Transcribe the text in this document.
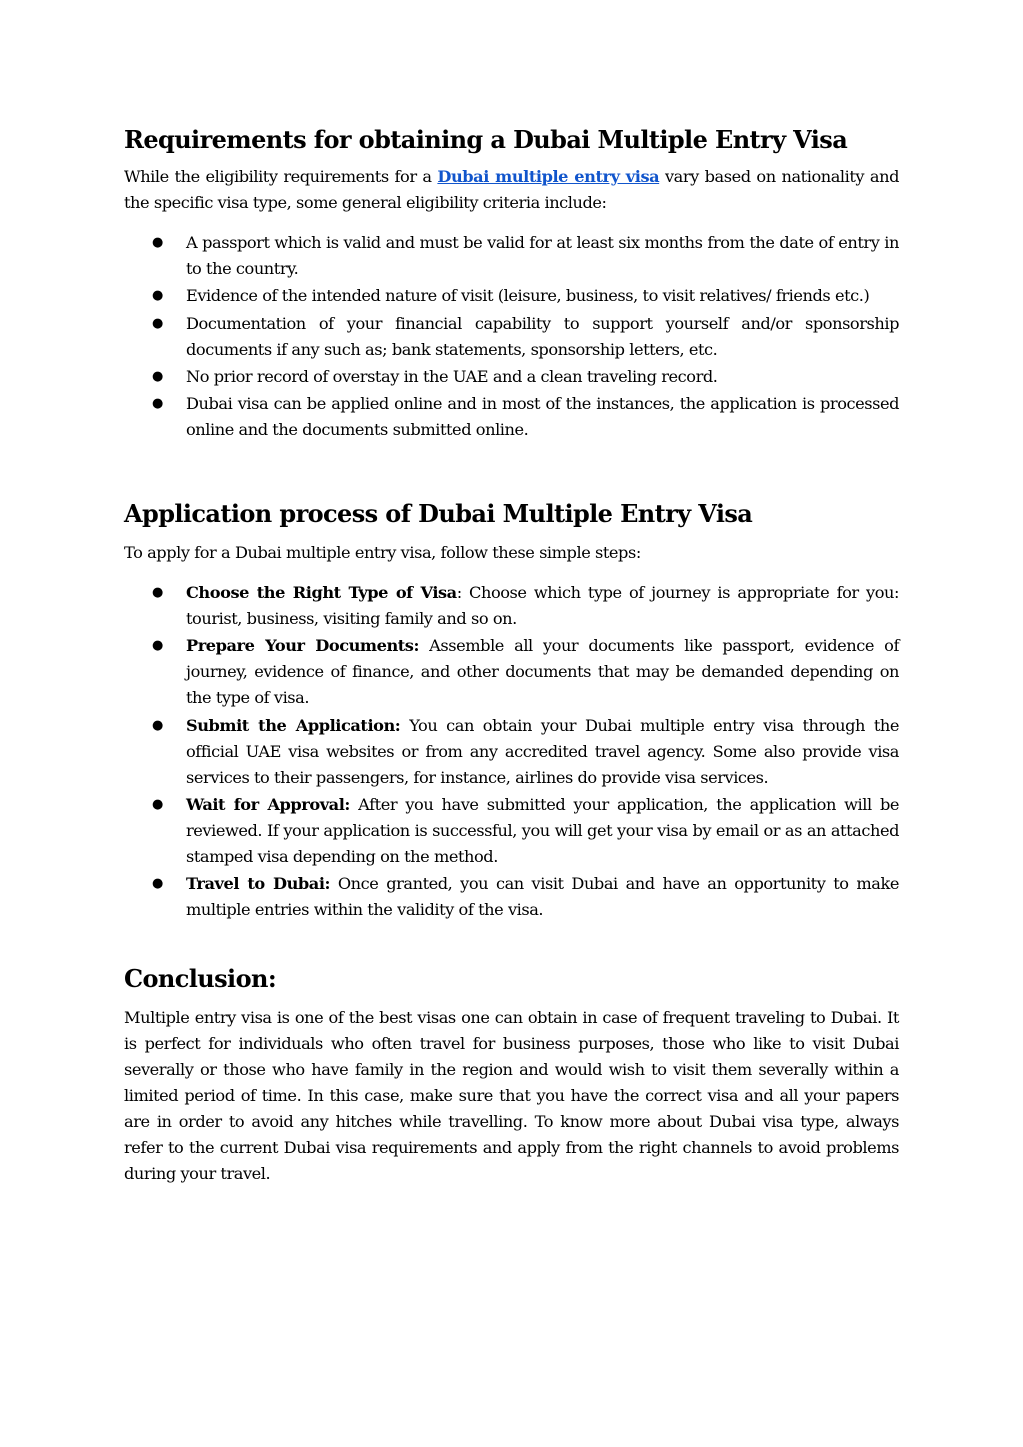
Requirements for obtaining a Dubai Multiple Entry Visa

While the eligibility requirements for a Dubai multiple entry visa vary based on nationality and the specific visa type, some general eligibility criteria include:

●
A passport which is valid and must be valid for at least six months from the date of entry in to the country.
●
Evidence of the intended nature of visit (leisure, business, to visit relatives/ friends etc.)
●
Documentation of your financial capability to support yourself and/or sponsorship documents if any such as; bank statements, sponsorship letters, etc.
●
No prior record of overstay in the UAE and a clean traveling record.
●
Dubai visa can be applied online and in most of the instances, the application is processed online and the documents submitted online.
Application process of Dubai Multiple Entry Visa

To apply for a Dubai multiple entry visa, follow these simple steps:

●
Choose the Right Type of Visa: Choose which type of journey is appropriate for you: tourist, business, visiting family and so on.
●
Prepare Your Documents: Assemble all your documents like passport, evidence of journey, evidence of finance, and other documents that may be demanded depending on the type of visa.
●
Submit the Application: You can obtain your Dubai multiple entry visa through the official UAE visa websites or from any accredited travel agency. Some also provide visa services to their passengers, for instance, airlines do provide visa services.
●
Wait for Approval: After you have submitted your application, the application will be reviewed. If your application is successful, you will get your visa by email or as an attached stamped visa depending on the method.
●
Travel to Dubai: Once granted, you can visit Dubai and have an opportunity to make multiple entries within the validity of the visa.
Conclusion:

Multiple entry visa is one of the best visas one can obtain in case of frequent traveling to Dubai. It is perfect for individuals who often travel for business purposes, those who like to visit Dubai severally or those who have family in the region and would wish to visit them severally within a limited period of time. In this case, make sure that you have the correct visa and all your papers are in order to avoid any hitches while travelling. To know more about Dubai visa type, always refer to the current Dubai visa requirements and apply from the right channels to avoid problems during your travel.
